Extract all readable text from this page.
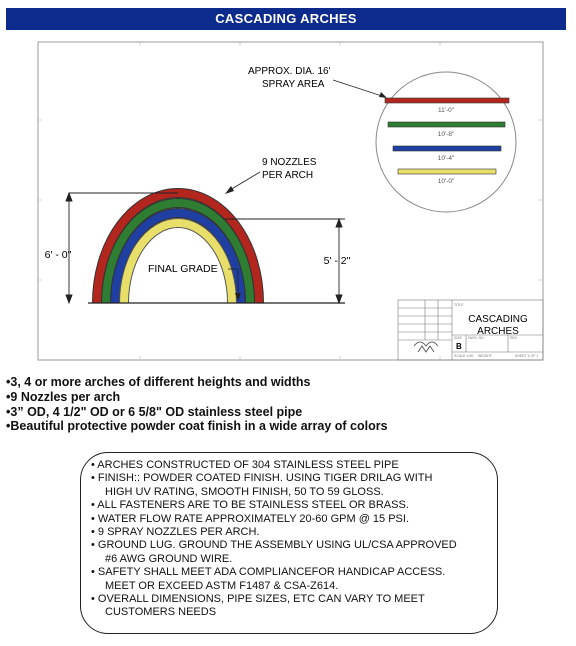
CASCADING ARCHES
6' - 0"	5' - 2"
FINAL GRADE
9 NOZZLES
PER ARCH
APPROX. DIA. 16'
SPRAY AREA
11'-0"
10'-8"
10'-4"
10'-0"
TITLE
SIZE DWG. NO.	REV
SCALE 1:50 WEIGHT	SHEET 1 OF 1
CASCADING
ARCHES
B
• 3, 4 or more arches of different heights and widths
• 9 Nozzles per arch
• 3” OD, 4 1/2" OD or 6 5/8" OD stainless steel pipe
• Beautiful protective powder coat finish in a wide array of colors
• ARCHES CONSTRUCTED OF 304 STAINLESS STEEL PIPE
• FINISH:: POWDER COATED FINISH. USING TIGER DRILAG WITH
HIGH UV RATING, SMOOTH FINISH, 50 TO 59 GLOSS.
• ALL FASTENERS ARE TO BE STAINLESS STEEL OR BRASS.
• WATER FLOW RATE APPROXIMATELY 20-60 GPM @ 15 PSI.
• 9 SPRAY NOZZLES PER ARCH.
• GROUND LUG. GROUND THE ASSEMBLY USING UL/CSA APPROVED
#6 AWG GROUND WIRE.
• SAFETY SHALL MEET ADA COMPLIANCEFOR HANDICAP ACCESS.
MEET OR EXCEED ASTM F1487 & CSA-Z614.
• OVERALL DIMENSIONS, PIPE SIZES, ETC CAN VARY TO MEET
CUSTOMERS NEEDS
